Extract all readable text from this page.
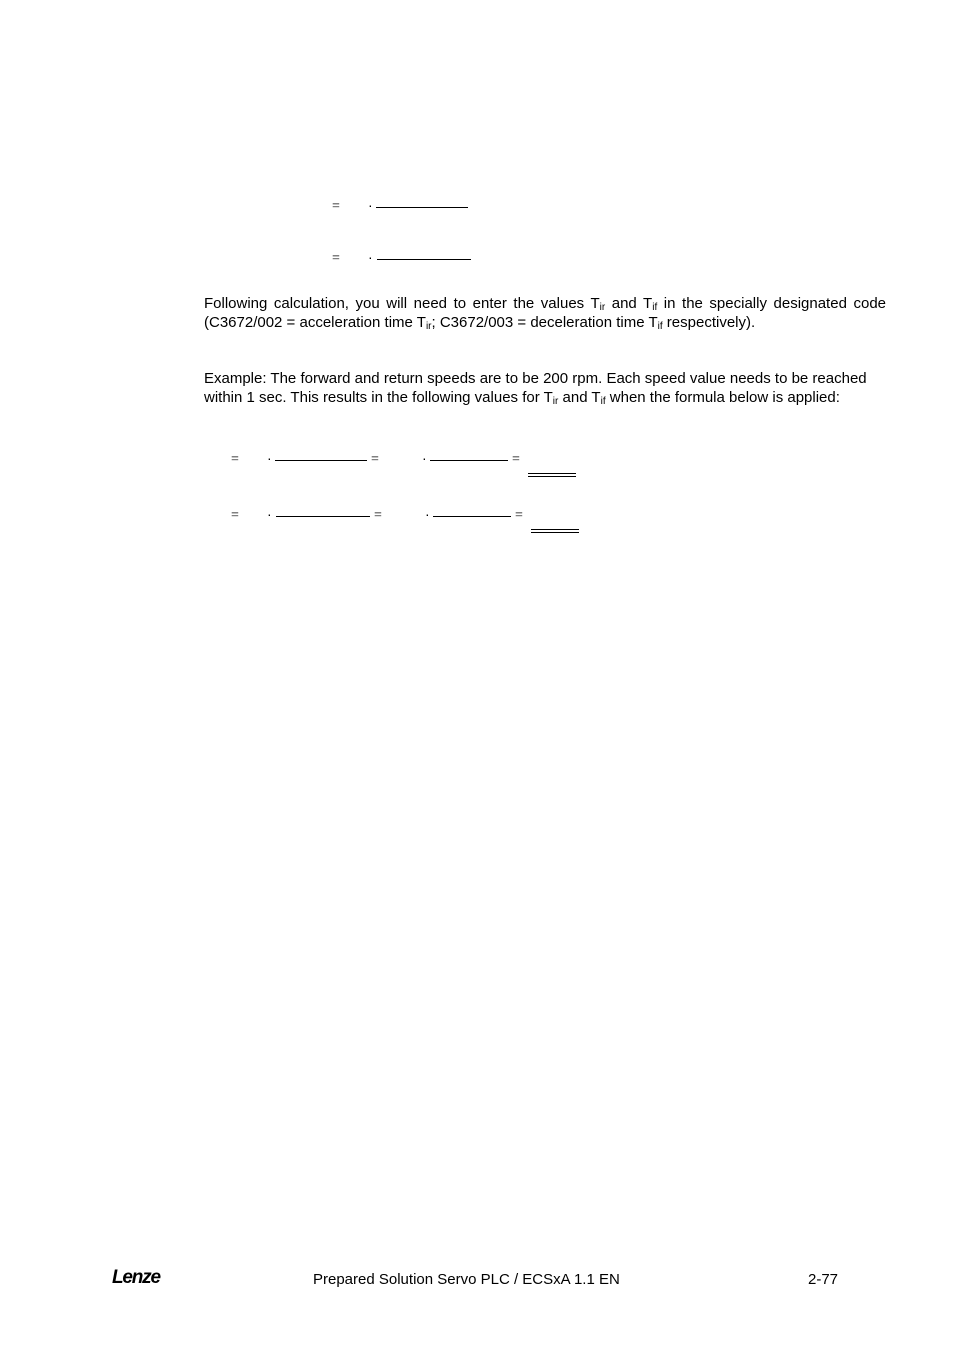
= ·
= ·

Following calculation, you will need to enter the values $T_{ir}$ and $T_{if}$ in the specially designated code (C3672/002 = acceleration time $T_{ir}$; C3672/003 = deceleration time $T_{if}$ respectively).

Example: The forward and return speeds are to be 200 rpm. Each speed value needs to be reached within 1 sec. This results in the following values for $T_{ir}$ and $T_{if}$ when the formula below is applied:

= ·	=	·	=
= ·	=	·	=
Lenze	Prepared Solution Servo PLC / ECSxA 1.1 EN	2-77
